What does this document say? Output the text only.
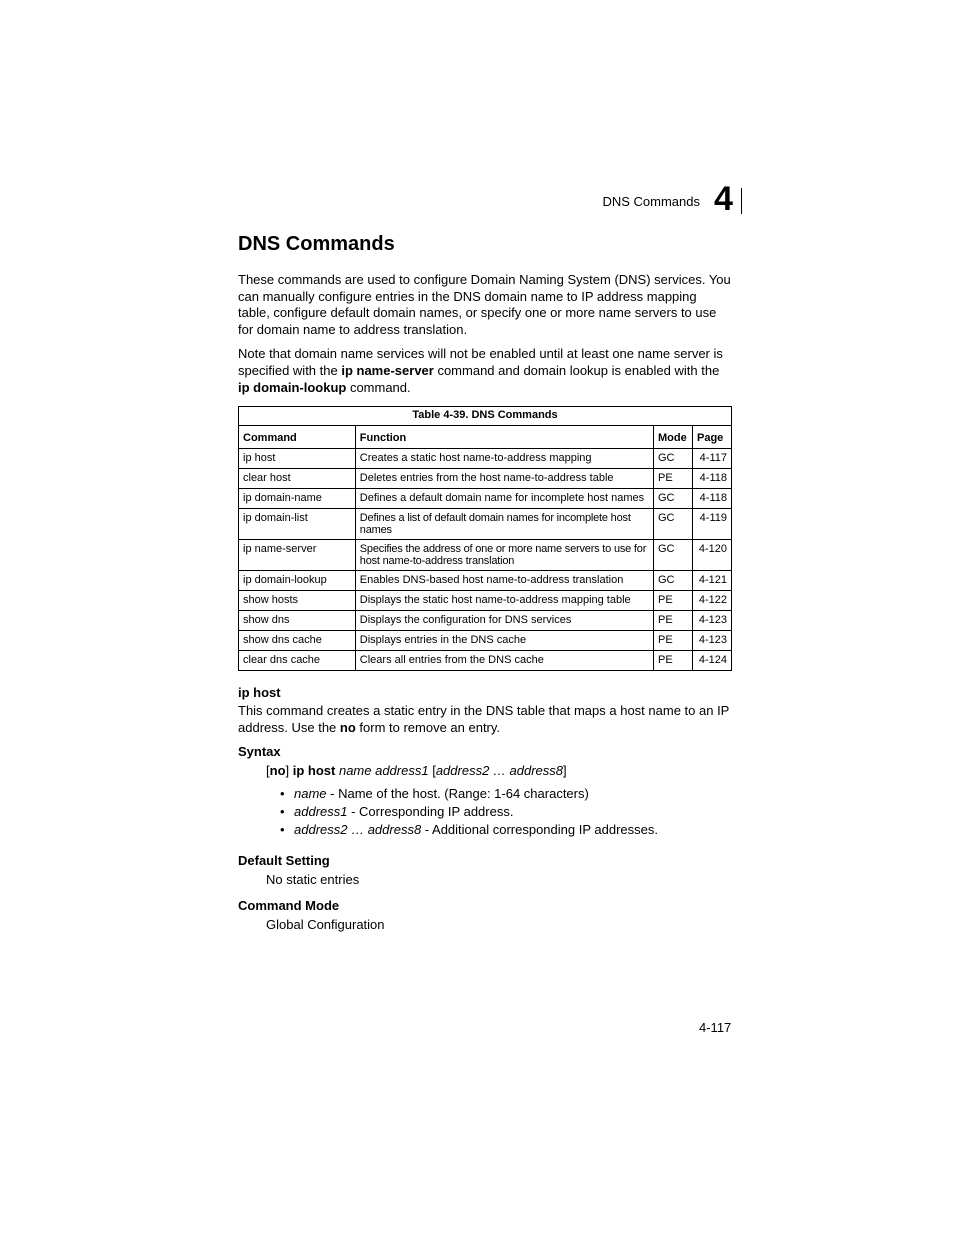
DNS Commands 4
DNS Commands

These commands are used to configure Domain Naming System (DNS) services. You can manually configure entries in the DNS domain name to IP address mapping table, configure default domain names, or specify one or more name servers to use for domain name to address translation.

Note that domain name services will not be enabled until at least one name server is specified with the ip name-server command and domain lookup is enabled with the ip domain-lookup command.

Table 4-39. DNS Commands			
Command	Function	Mode	Page
ip host	Creates a static host name-to-address mapping	GC	4-117
clear host	Deletes entries from the host name-to-address table	PE	4-118
ip domain-name	Defines a default domain name for incomplete host names	GC	4-118
ip domain-list	Defines a list of default domain names for incomplete host names	GC	4-119
ip name-server	Specifies the address of one or more name servers to use for host name-to-address translation	GC	4-120
ip domain-lookup	Enables DNS-based host name-to-address translation	GC	4-121
show hosts	Displays the static host name-to-address mapping table	PE	4-122
show dns	Displays the configuration for DNS services	PE	4-123
show dns cache	Displays entries in the DNS cache	PE	4-123
clear dns cache	Clears all entries from the DNS cache	PE	4-124
ip host

This command creates a static entry in the DNS table that maps a host name to an IP address. Use the no form to remove an entry.

Syntax
[no] ip host name address1 [address2 … address8]
• name - Name of the host. (Range: 1-64 characters)
• address1 - Corresponding IP address.
• address2 … address8 - Additional corresponding IP addresses.
Default Setting
No static entries
Command Mode
Global Configuration
4-117
